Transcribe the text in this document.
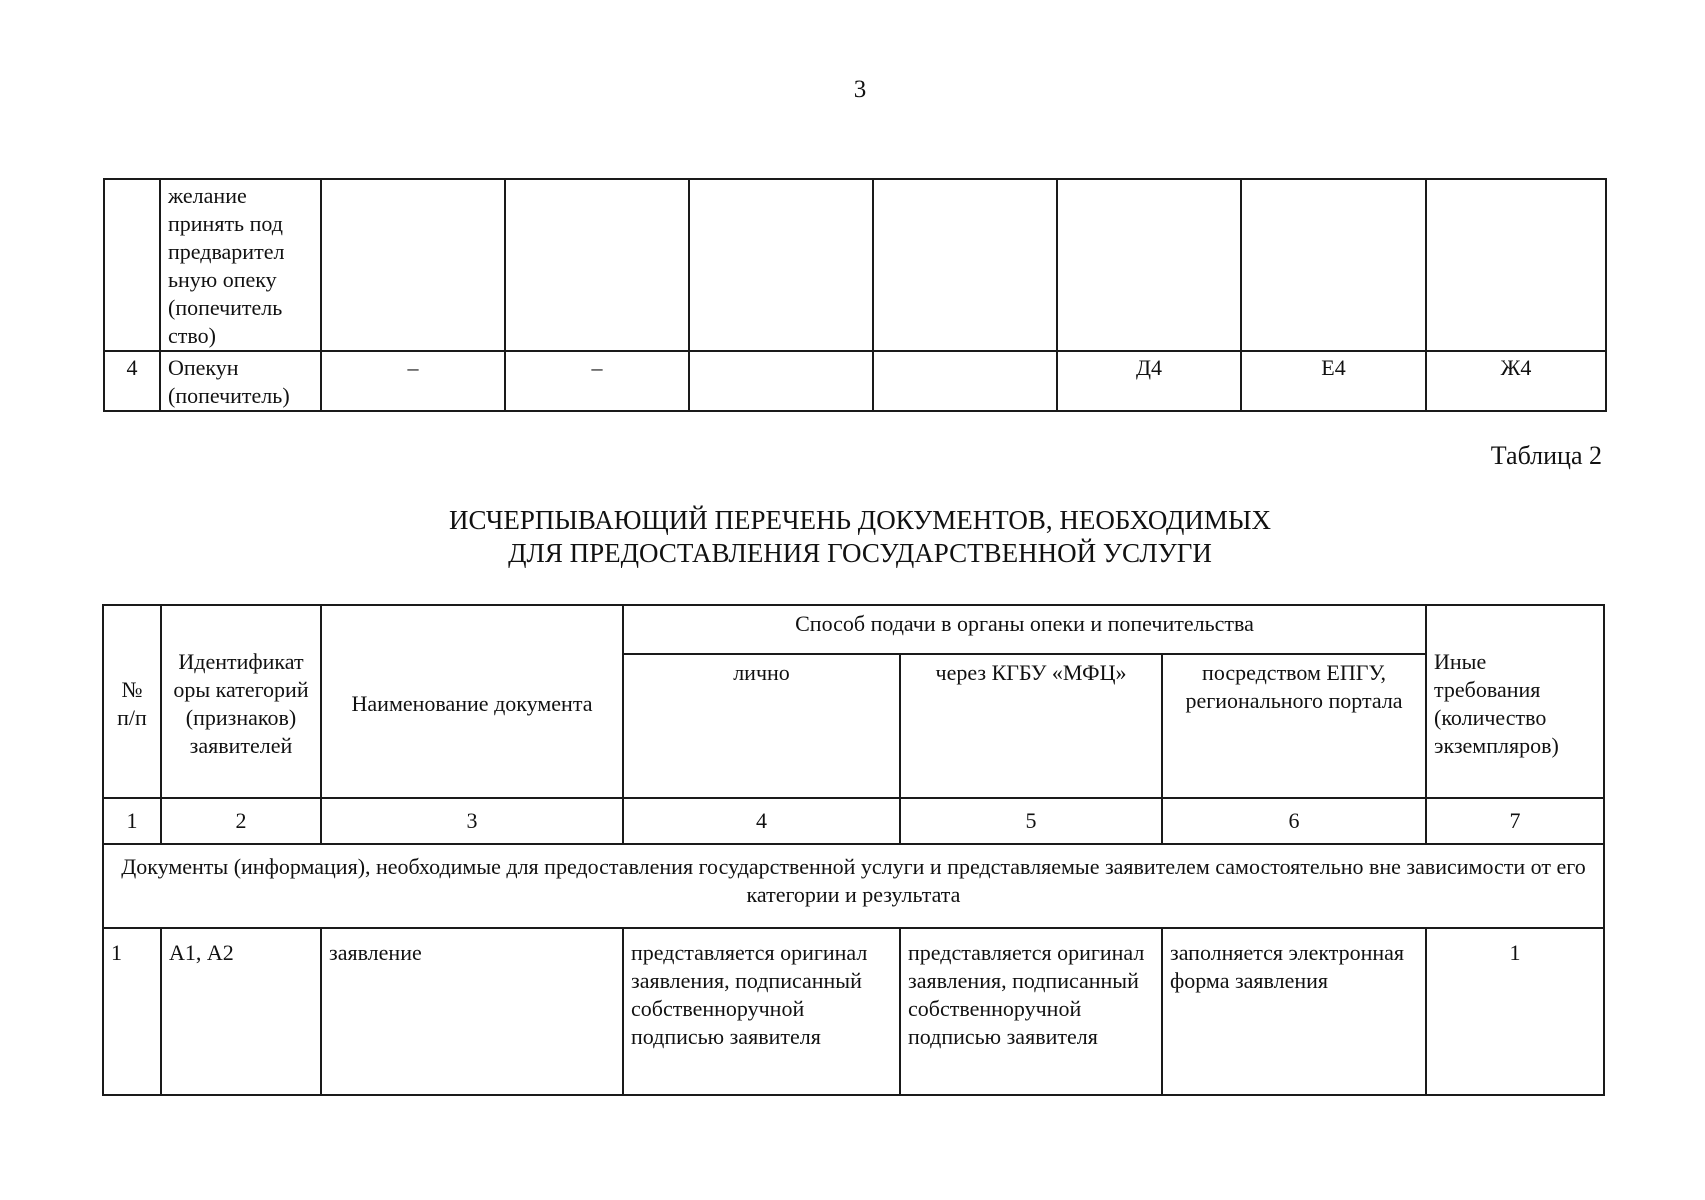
3
	желание принять под предварител ьную опеку (попечитель ство)							
4	Опекун (попечитель)	–	–			Д4	Е4	Ж4
Таблица 2
ИСЧЕРПЫВАЮЩИЙ ПЕРЕЧЕНЬ ДОКУМЕНТОВ, НЕОБХОДИМЫХ
ДЛЯ ПРЕДОСТАВЛЕНИЯ ГОСУДАРСТВЕННОЙ УСЛУГИ
№ п/п	Идентификат оры категорий (признаков) заявителей	Наименование документа	Способ подачи в органы опеки и попечительства			Иные требования (количество экземпляров)
			лично	через КГБУ «МФЦ»	посредством ЕПГУ, регионального портала	
1	2	3	4	5	6	7
Документы (информация), необходимые для предоставления государственной услуги и представляемые заявителем самостоятельно вне зависимости от его категории и результата						
1	А1, А2	заявление	представляется оригинал заявления, подписанный собственноручной подписью заявителя	представляется оригинал заявления, подписанный собственноручной подписью заявителя	заполняется электронная форма заявления	1
